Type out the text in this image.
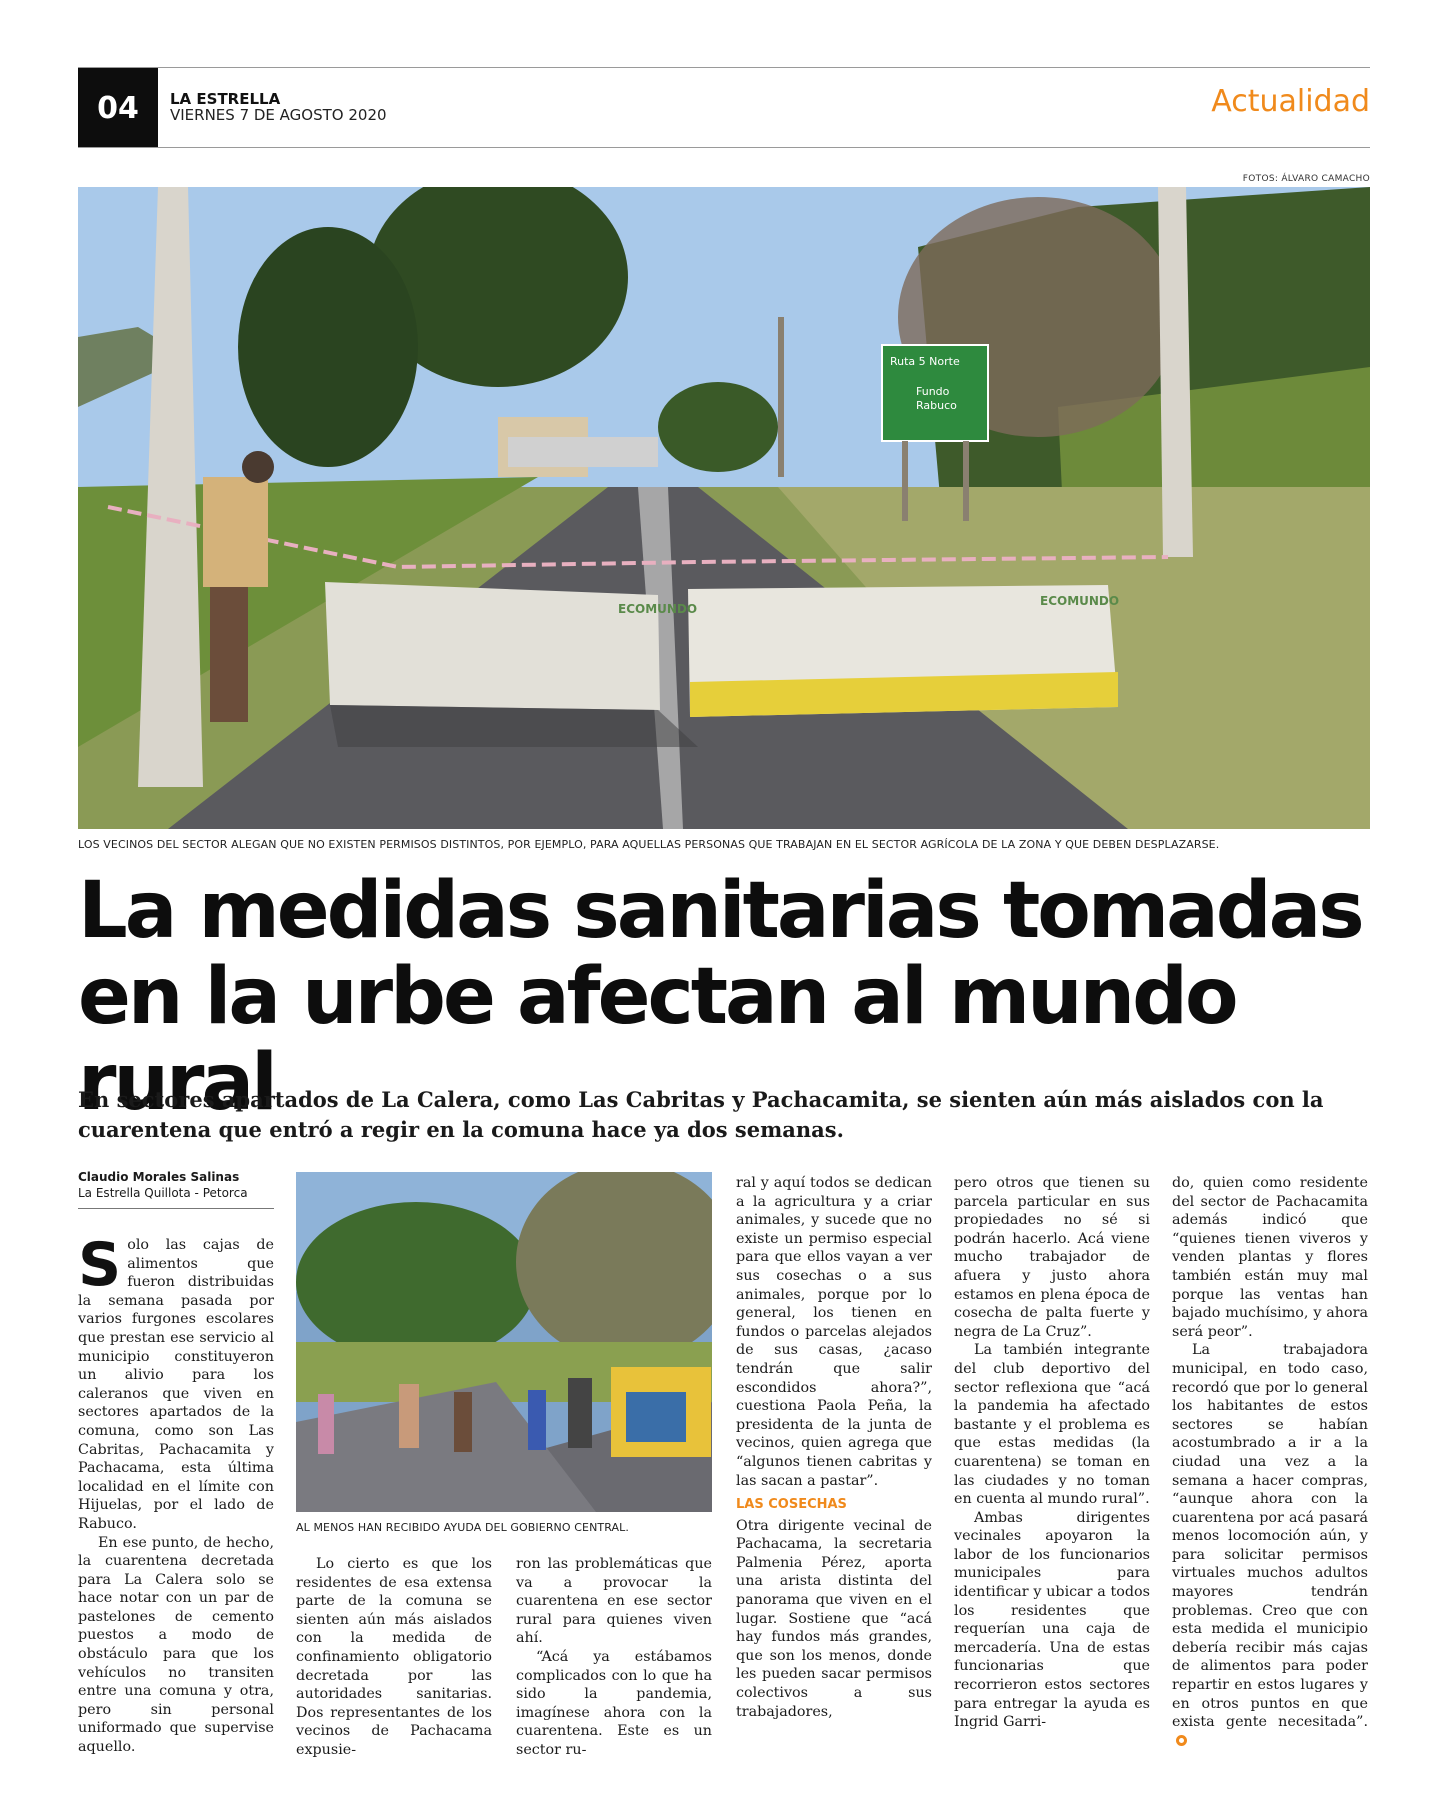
04	LA ESTRELLA
VIERNES 7 DE AGOSTO 2020	Actualidad
FOTOS: ÁLVARO CAMACHO
Ruta 5 Norte
Fundo
Rabuco
ECOMUNDO
ECOMUNDO
LOS VECINOS DEL SECTOR ALEGAN QUE NO EXISTEN PERMISOS DISTINTOS, POR EJEMPLO, PARA AQUELLAS PERSONAS QUE TRABAJAN EN EL SECTOR AGRÍCOLA DE LA ZONA Y QUE DEBEN DESPLAZARSE.
La medidas sanitarias tomadas
en la urbe afectan al mundo rural
En sectores apartados de La Calera, como Las Cabritas y Pachacamita, se sienten aún más aislados con la cuarentena que entró a regir en la comuna hace ya dos semanas.
Claudio Morales Salinas
La Estrella Quillota - Petorca

Solo las cajas de alimentos que fueron distribuidas la semana pasada por varios furgones escolares que prestan ese servicio al municipio constituyeron un alivio para los caleranos que viven en sectores apartados de la comuna, como son Las Cabritas, Pachacamita y Pachacama, esta última localidad en el límite con Hijuelas, por el lado de Rabuco.

En ese punto, de hecho, la cuarentena decretada para La Calera solo se hace notar con un par de pastelones de cemento puestos a modo de obstáculo para que los vehículos no transiten entre una comuna y otra, pero sin personal uniformado que supervise aquello.

AL MENOS HAN RECIBIDO AYUDA DEL GOBIERNO CENTRAL.

Lo cierto es que los residentes de esa extensa parte de la comuna se sienten aún más aislados con la medida de confinamiento obligatorio decretada por las autoridades sanitarias. Dos representantes de los vecinos de Pachacama expusie-

ron las problemáticas que va a provocar la cuarentena en ese sector rural para quienes viven ahí.

“Acá ya estábamos complicados con lo que ha sido la pandemia, imagínese ahora con la cuarentena. Este es un sector ru-

ral y aquí todos se dedican a la agricultura y a criar animales, y sucede que no existe un permiso especial para que ellos vayan a ver sus cosechas o a sus animales, porque por lo general, los tienen en fundos o parcelas alejados de sus casas, ¿acaso tendrán que salir escondidos ahora?”, cuestiona Paola Peña, la presidenta de la junta de vecinos, quien agrega que “algunos tienen cabritas y las sacan a pastar”.

LAS COSECHAS

Otra dirigente vecinal de Pachacama, la secretaria Palmenia Pérez, aporta una arista distinta del panorama que viven en el lugar. Sostiene que “acá hay fundos más grandes, que son los menos, donde les pueden sacar permisos colectivos a sus trabajadores,

pero otros que tienen su parcela particular en sus propiedades no sé si podrán hacerlo. Acá viene mucho trabajador de afuera y justo ahora estamos en plena época de cosecha de palta fuerte y negra de La Cruz”.

La también integrante del club deportivo del sector reflexiona que “acá la pandemia ha afectado bastante y el problema es que estas medidas (la cuarentena) se toman en las ciudades y no toman en cuenta al mundo rural”.

Ambas dirigentes vecinales apoyaron la labor de los funcionarios municipales para identificar y ubicar a todos los residentes que requerían una caja de mercadería. Una de estas funcionarias que recorrieron estos sectores para entregar la ayuda es Ingrid Garri-

do, quien como residente del sector de Pachacamita además indicó que “quienes tienen viveros y venden plantas y flores también están muy mal porque las ventas han bajado muchísimo, y ahora será peor”.

La trabajadora municipal, en todo caso, recordó que por lo general los habitantes de estos sectores se habían acostumbrado a ir a la ciudad una vez a la semana a hacer compras, “aunque ahora con la cuarentena por acá pasará menos locomoción aún, y para solicitar permisos virtuales muchos adultos mayores tendrán problemas. Creo que con esta medida el municipio debería recibir más cajas de alimentos para poder repartir en estos lugares y en otros puntos en que exista gente necesitada”.
